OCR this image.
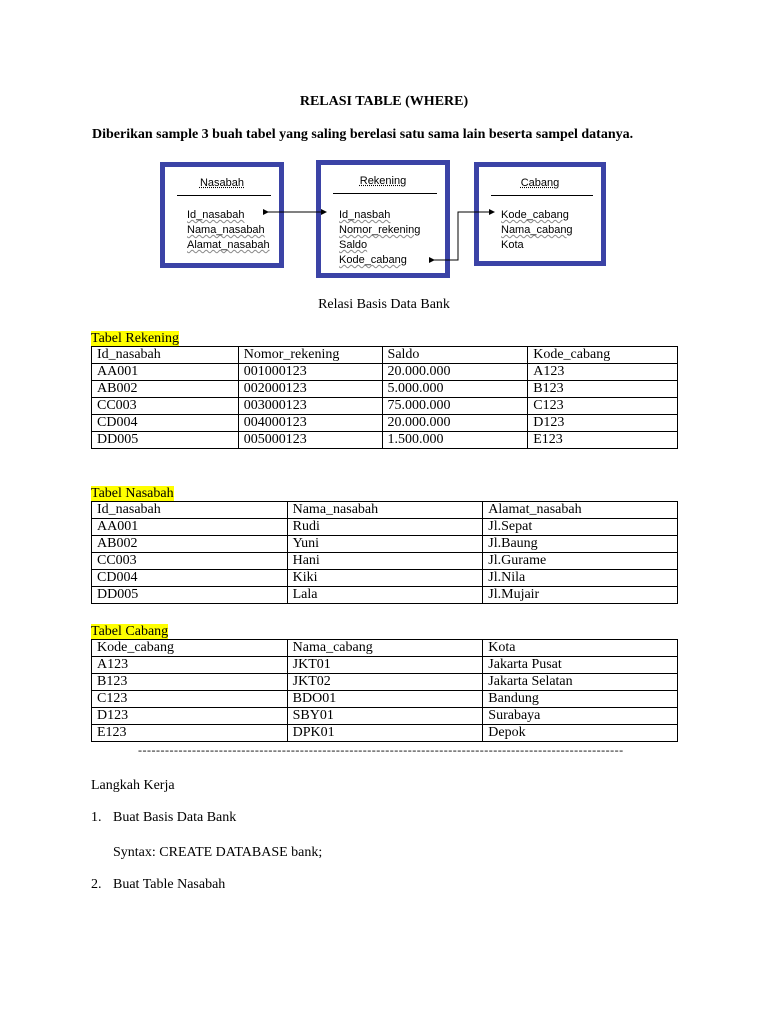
RELASI TABLE (WHERE)
Diberikan sample 3 buah tabel yang saling berelasi satu sama lain beserta sampel datanya.
Nasabah
Id_nasabah
Nama_nasabah
Alamat_nasabah
Rekening
Id_nasbah
Nomor_rekening
Saldo
Kode_cabang
Cabang
Kode_cabang
Nama_cabang
Kota
Relasi Basis Data Bank
Tabel Rekening
Id_nasabah	Nomor_rekening	Saldo	Kode_cabang
AA001	001000123	20.000.000	A123
AB002	002000123	5.000.000	B123
CC003	003000123	75.000.000	C123
CD004	004000123	20.000.000	D123
DD005	005000123	1.500.000	E123
Tabel Nasabah
Id_nasabah	Nama_nasabah	Alamat_nasabah
AA001	Rudi	Jl.Sepat
AB002	Yuni	Jl.Baung
CC003	Hani	Jl.Gurame
CD004	Kiki	Jl.Nila
DD005	Lala	Jl.Mujair
Tabel Cabang
Kode_cabang	Nama_cabang	Kota
A123	JKT01	Jakarta Pusat
B123	JKT02	Jakarta Selatan
C123	BDO01	Bandung
D123	SBY01	Surabaya
E123	DPK01	Depok
------------------------------------------------------------------------------------------------------------
Langkah Kerja
1. Buat Basis Data Bank
Syntax: CREATE DATABASE bank;
2. Buat Table Nasabah
